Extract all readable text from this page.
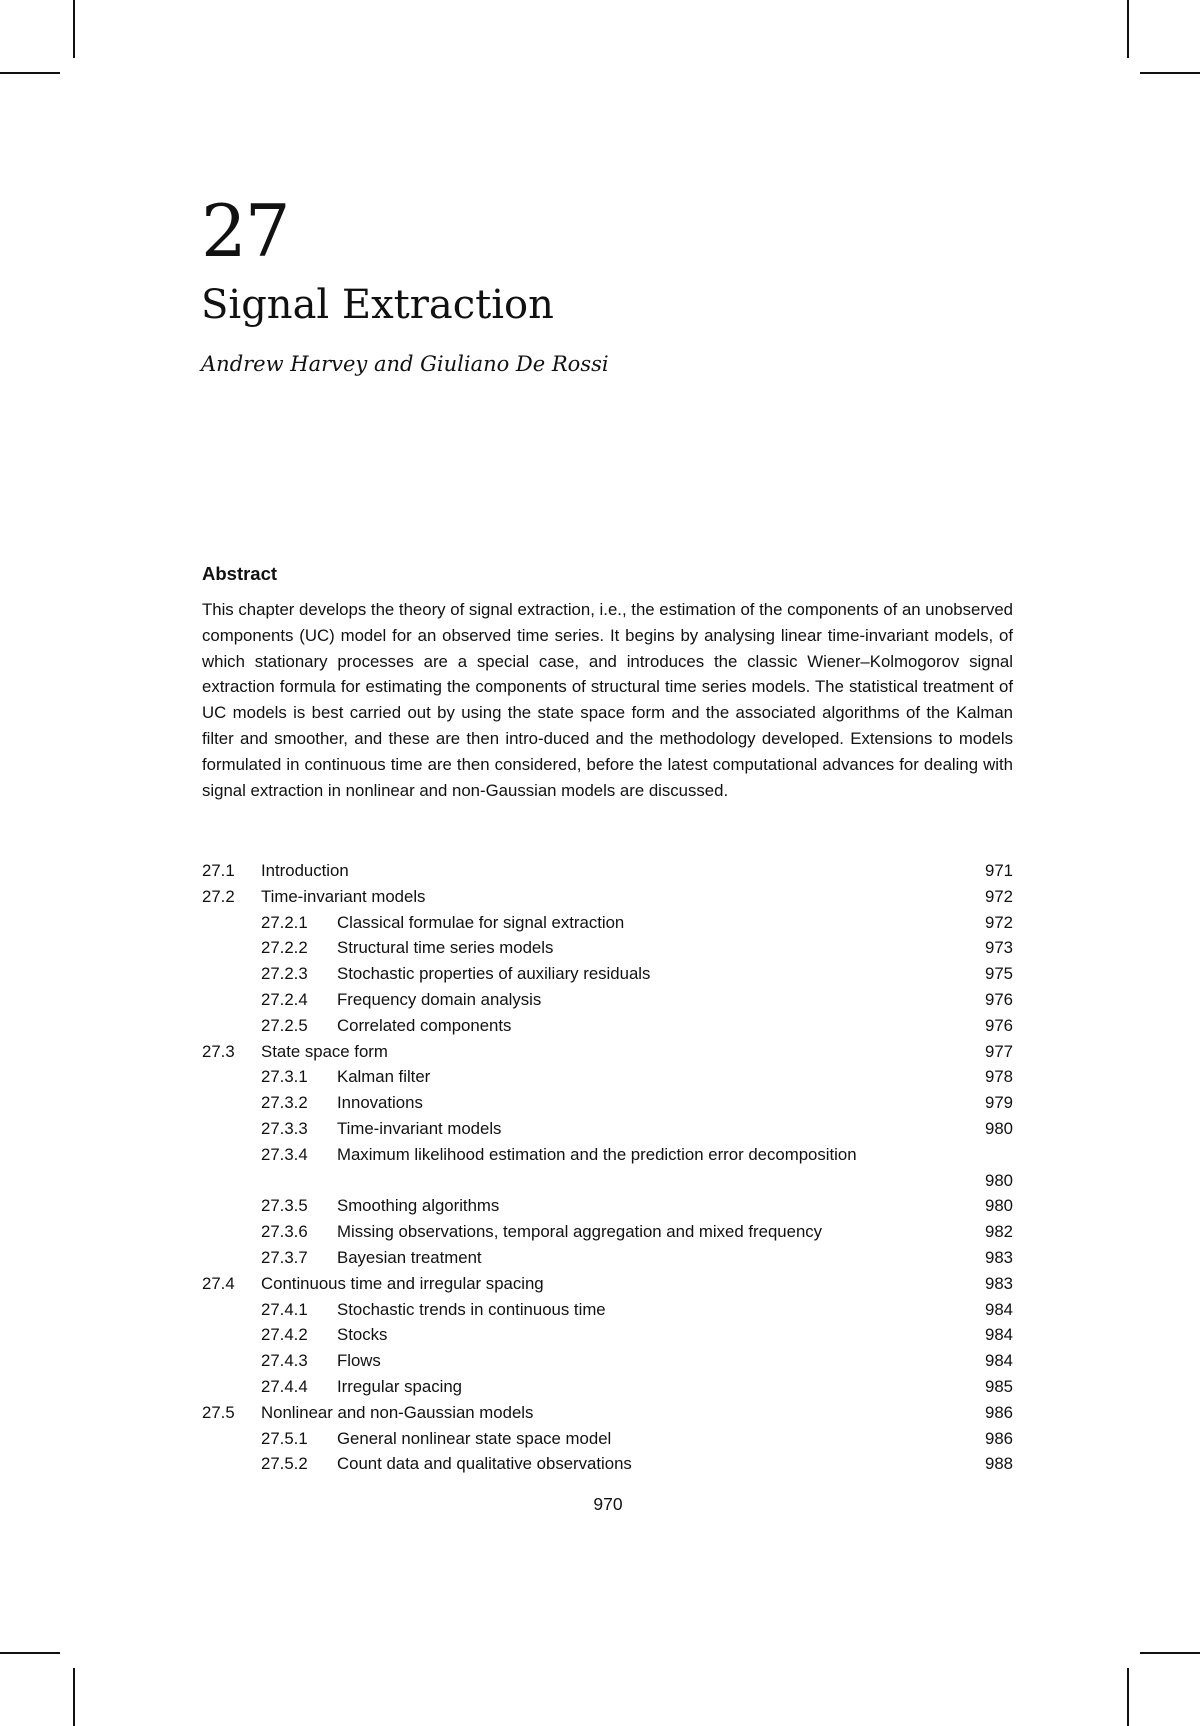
27
Signal Extraction
Andrew Harvey and Giuliano De Rossi
Abstract

This chapter develops the theory of signal extraction, i.e., the estimation of the components of an unobserved components (UC) model for an observed time series. It begins by analysing linear time-invariant models, of which stationary processes are a special case, and introduces the classic Wiener–Kolmogorov signal extraction formula for estimating the components of structural time series models. The statistical treatment of UC models is best carried out by using the state space form and the associated algorithms of the Kalman filter and smoother, and these are then intro-duced and the methodology developed. Extensions to models formulated in continuous time are then considered, before the latest computational advances for dealing with signal extraction in nonlinear and non-Gaussian models are discussed.

27.1 Introduction	971
27.2 Time-invariant models	972
27.2.1 Classical formulae for signal extraction	972
27.2.2 Structural time series models	973
27.2.3 Stochastic properties of auxiliary residuals	975
27.2.4 Frequency domain analysis	976
27.2.5 Correlated components	976
27.3 State space form	977
27.3.1 Kalman filter	978
27.3.2 Innovations	979
27.3.3 Time-invariant models	980
27.3.4 Maximum likelihood estimation and the prediction error decomposition
980
27.3.5 Smoothing algorithms	980
27.3.6 Missing observations, temporal aggregation and mixed frequency	982
27.3.7 Bayesian treatment	983
27.4 Continuous time and irregular spacing	983
27.4.1 Stochastic trends in continuous time	984
27.4.2 Stocks	984
27.4.3 Flows	984
27.4.4 Irregular spacing	985
27.5 Nonlinear and non-Gaussian models	986
27.5.1 General nonlinear state space model	986
27.5.2 Count data and qualitative observations	988
970
